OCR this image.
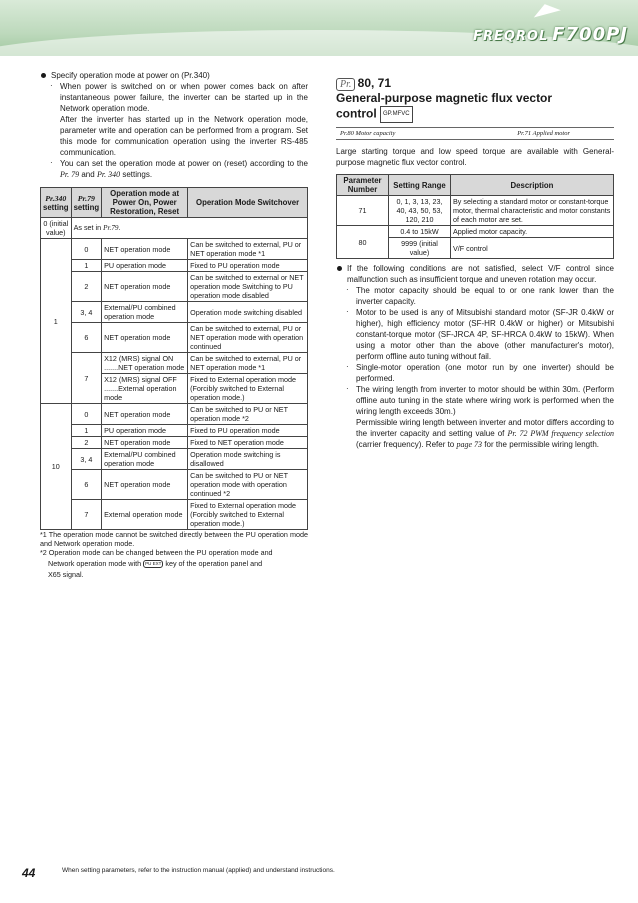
FREQROL F700PJ

Specify operation mode at power on (Pr.340)

· When power is switched on or when power comes back on after instantaneous power failure, the inverter can be started up in the Network operation mode.

After the inverter has started up in the Network operation mode, parameter write and operation can be performed from a program. Set this mode for communication operation using the inverter RS-485 communication.

· You can set the operation mode at power on (reset) according to the Pr. 79 and Pr. 340 settings.

Pr.340
setting	Pr.79
setting	Operation mode at Power On, Power Restoration, Reset	Operation Mode Switchover
0 (initial value)	As set in Pr.79.		
1	0	NET operation mode	Can be switched to external, PU or NET operation mode *1
	1	PU operation mode	Fixed to PU operation mode
	2	NET operation mode	Can be switched to external or NET operation mode Switching to PU operation mode disabled
	3, 4	External/PU combined operation mode	Operation mode switching disabled
	6	NET operation mode	Can be switched to external, PU or NET operation mode with operation continued
	7	X12 (MRS) signal ON
.......NET operation mode	Can be switched to external, PU or NET operation mode *1
		X12 (MRS) signal OFF
.......External operation mode	Fixed to External operation mode (Forcibly switched to External operation mode.)
10	0	NET operation mode	Can be switched to PU or NET operation mode *2
	1	PU operation mode	Fixed to PU operation mode
	2	NET operation mode	Fixed to NET operation mode
	3, 4	External/PU combined operation mode	Operation mode switching is disallowed
	6	NET operation mode	Can be switched to PU or NET operation mode with operation continued *2
	7	External operation mode	Fixed to External operation mode (Forcibly switched to External operation mode.)

*1 The operation mode cannot be switched directly between the PU operation mode and Network operation mode.

*2 Operation mode can be changed between the PU operation mode and

Network operation mode with PU EXT key of the operation panel and

X65 signal.

Pr. 80, 71

General-purpose magnetic flux vector

control GP.MFVC

Pr.80 Motor capacity	Pr.71 Applied motor

Large starting torque and low speed torque are available with General-purpose magnetic flux vector control.

Parameter Number	Setting Range	Description
71	0, 1, 3, 13, 23, 40, 43, 50, 53, 120, 210	By selecting a standard motor or constant-torque motor, thermal characteristic and motor constants of each motor are set.
80	0.4 to 15kW	Applied motor capacity.
	9999 (initial value)	V/F control

If the following conditions are not satisfied, select V/F control since malfunction such as insufficient torque and uneven rotation may occur.

· The motor capacity should be equal to or one rank lower than the inverter capacity.

· Motor to be used is any of Mitsubishi standard motor (SF-JR 0.4kW or higher), high efficiency motor (SF-HR 0.4kW or higher) or Mitsubishi constant-torque motor (SF-JRCA 4P, SF-HRCA 0.4kW to 15kW). When using a motor other than the above (other manufacturer's motor), perform offline auto tuning without fail.

· Single-motor operation (one motor run by one inverter) should be performed.

· The wiring length from inverter to motor should be within 30m. (Perform offline auto tuning in the state where wiring work is performed when the wiring length exceeds 30m.)

Permissible wiring length between inverter and motor differs according to the inverter capacity and setting value of Pr. 72 PWM frequency selection (carrier frequency). Refer to page 73 for the permissible wiring length.

44	When setting parameters, refer to the instruction manual (applied) and understand instructions.
